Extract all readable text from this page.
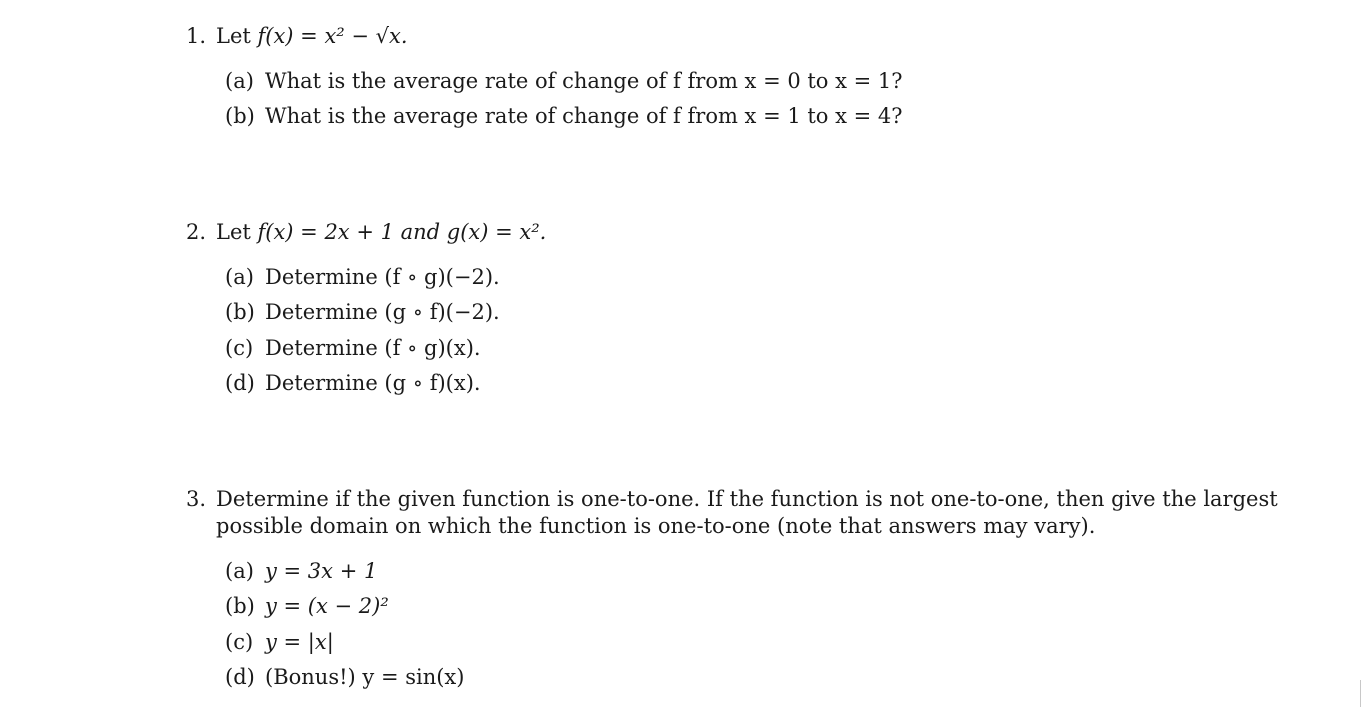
1. Let f(x) = x² − √x.
(a) What is the average rate of change of f from x = 0 to x = 1?
(b) What is the average rate of change of f from x = 1 to x = 4?
2. Let f(x) = 2x + 1 and g(x) = x².
(a) Determine (f ∘ g)(−2).
(b) Determine (g ∘ f)(−2).
(c) Determine (f ∘ g)(x).
(d) Determine (g ∘ f)(x).
3. Determine if the given function is one-to-one. If the function is not one-to-one, then give the largest
possible domain on which the function is one-to-one (note that answers may vary).
(a) y = 3x + 1
(b) y = (x − 2)²
(c) y = |x|
(d) (Bonus!) y = sin(x)
